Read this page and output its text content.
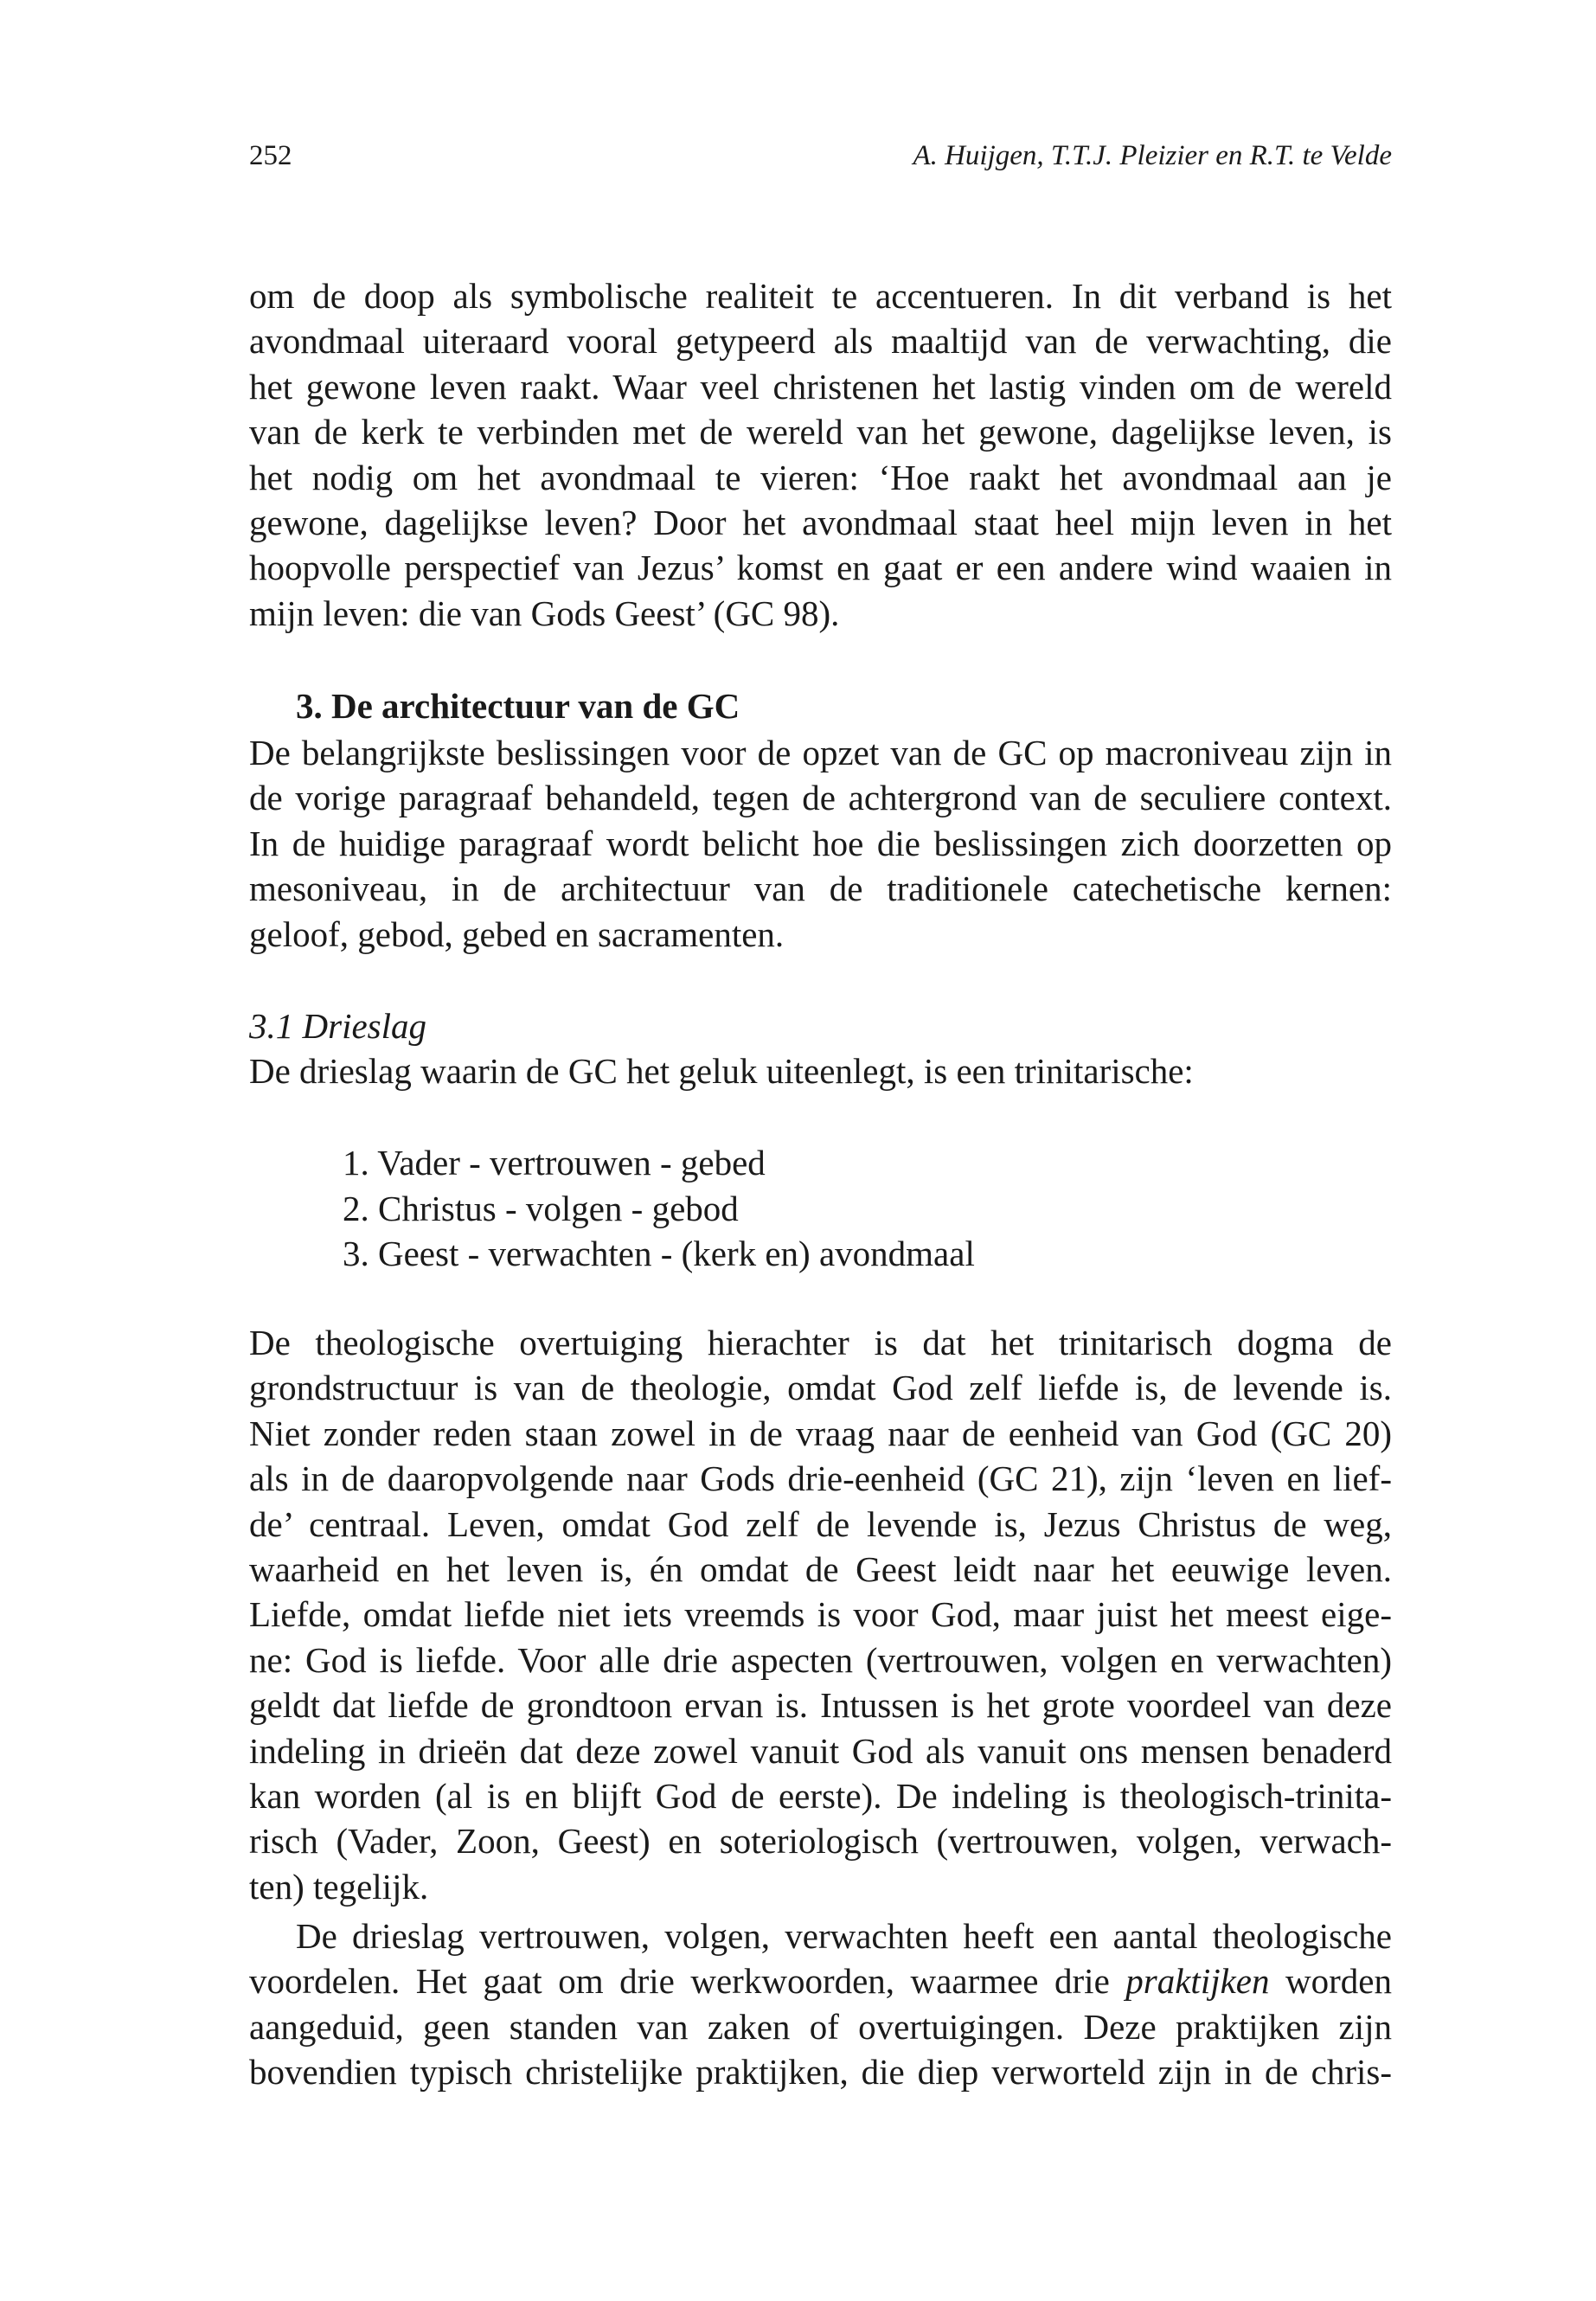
252	A. Huijgen, T.T.J. Pleizier en R.T. te Velde
om de doop als symbolische realiteit te accentueren. In dit verband is het
avondmaal uiteraard vooral getypeerd als maaltijd van de verwachting, die
het gewone leven raakt. Waar veel christenen het lastig vinden om de wereld
van de kerk te verbinden met de wereld van het gewone, dagelijkse leven, is
het nodig om het avondmaal te vieren: ‘Hoe raakt het avondmaal aan je
gewone, dagelijkse leven? Door het avondmaal staat heel mijn leven in het
hoopvolle perspectief van Jezus’ komst en gaat er een andere wind waaien in
mijn leven: die van Gods Geest’ (GC 98).
3. De architectuur van de GC
De belangrijkste beslissingen voor de opzet van de GC op macroniveau zijn in
de vorige paragraaf behandeld, tegen de achtergrond van de seculiere context.
In de huidige paragraaf wordt belicht hoe die beslissingen zich doorzetten op
mesoniveau, in de architectuur van de traditionele catechetische kernen:
geloof, gebod, gebed en sacramenten.
3.1 Drieslag
De drieslag waarin de GC het geluk uiteenlegt, is een trinitarische:
1. Vader - vertrouwen - gebed
2. Christus - volgen - gebod
3. Geest - verwachten - (kerk en) avondmaal
De theologische overtuiging hierachter is dat het trinitarisch dogma de
grondstructuur is van de theologie, omdat God zelf liefde is, de levende is.
Niet zonder reden staan zowel in de vraag naar de eenheid van God (GC 20)
als in de daaropvolgende naar Gods drie-eenheid (GC 21), zijn ‘leven en lief-
de’ centraal. Leven, omdat God zelf de levende is, Jezus Christus de weg,
waarheid en het leven is, én omdat de Geest leidt naar het eeuwige leven.
Liefde, omdat liefde niet iets vreemds is voor God, maar juist het meest eige-
ne: God is liefde. Voor alle drie aspecten (vertrouwen, volgen en verwachten)
geldt dat liefde de grondtoon ervan is. Intussen is het grote voordeel van deze
indeling in drieën dat deze zowel vanuit God als vanuit ons mensen benaderd
kan worden (al is en blijft God de eerste). De indeling is theologisch-trinita-
risch (Vader, Zoon, Geest) en soteriologisch (vertrouwen, volgen, verwach-
ten) tegelijk.
De drieslag vertrouwen, volgen, verwachten heeft een aantal theologische
voordelen. Het gaat om drie werkwoorden, waarmee drie praktijken worden
aangeduid, geen standen van zaken of overtuigingen. Deze praktijken zijn
bovendien typisch christelijke praktijken, die diep verworteld zijn in de chris-
